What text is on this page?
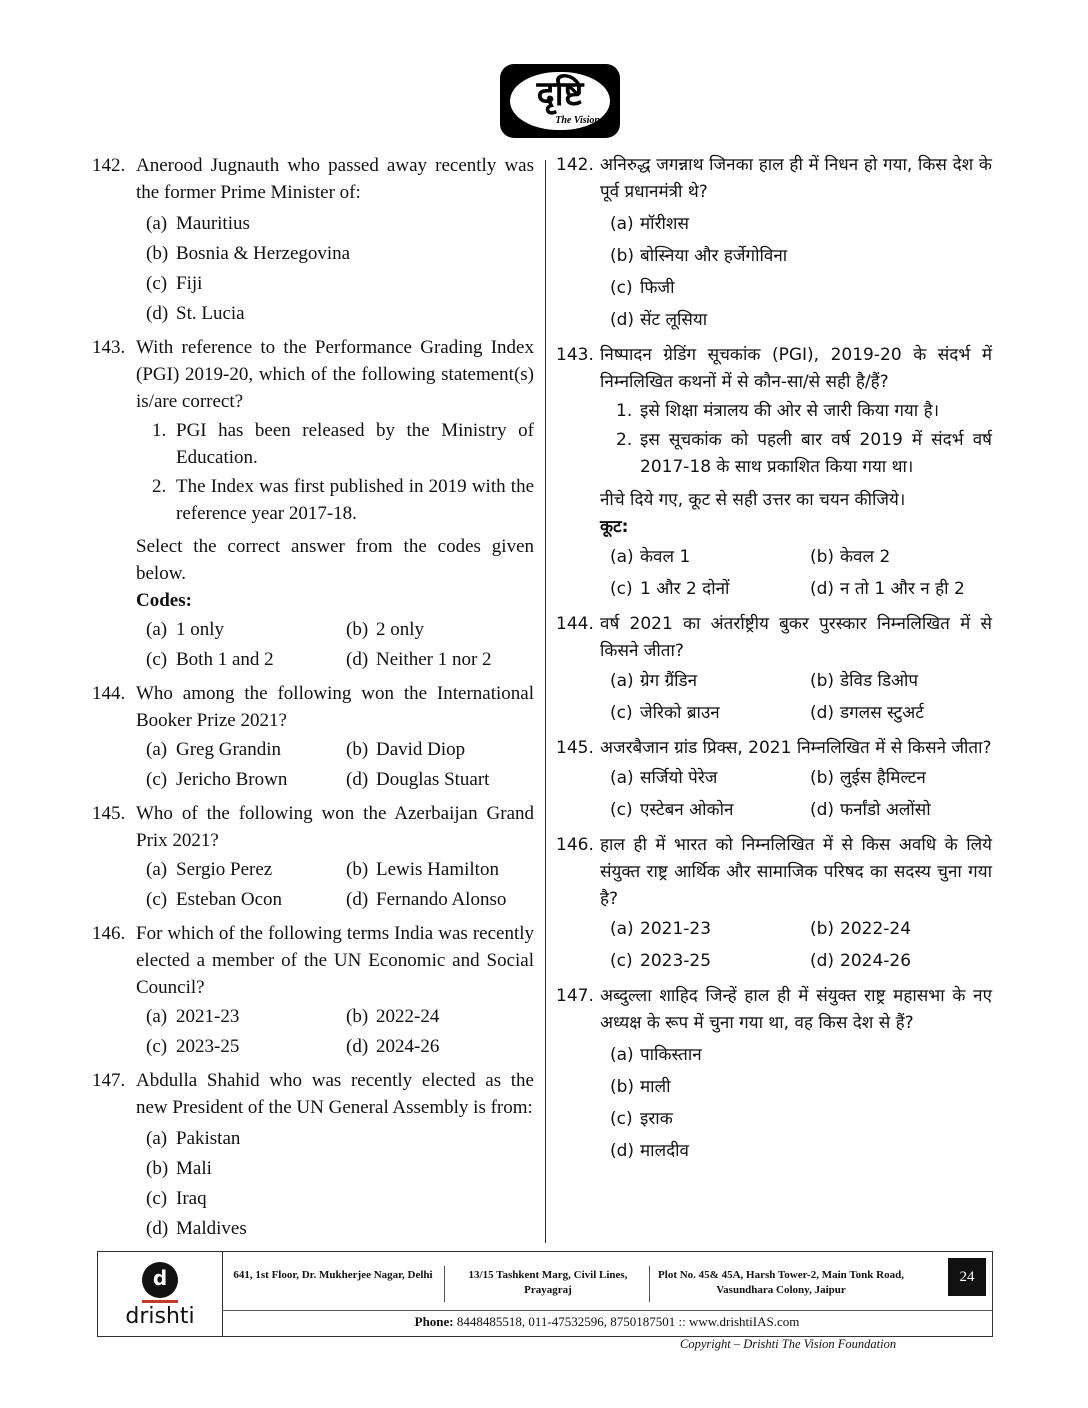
दृष्टि
The Vision
142. Anerood Jugnauth who passed away recently was the former Prime Minister of:
(a) Mauritius
(b) Bosnia & Herzegovina
(c) Fiji
(d) St. Lucia
143. With reference to the Performance Grading Index (PGI) 2019-20, which of the following statement(s) is/are correct?
1. PGI has been released by the Ministry of Education.
2. The Index was first published in 2019 with the reference year 2017-18.
Select the correct answer from the codes given below.
Codes:
(a) 1 only	(b) 2 only
(c) Both 1 and 2	(d) Neither 1 nor 2
144. Who among the following won the International Booker Prize 2021?
(a) Greg Grandin	(b) David Diop
(c) Jericho Brown	(d) Douglas Stuart
145. Who of the following won the Azerbaijan Grand Prix 2021?
(a) Sergio Perez	(b) Lewis Hamilton
(c) Esteban Ocon	(d) Fernando Alonso
146. For which of the following terms India was recently elected a member of the UN Economic and Social Council?
(a) 2021-23	(b) 2022-24
(c) 2023-25	(d) 2024-26
147. Abdulla Shahid who was recently elected as the new President of the UN General Assembly is from:
(a) Pakistan
(b) Mali
(c) Iraq
(d) Maldives
142. अनिरुद्ध जगन्नाथ जिनका हाल ही में निधन हो गया, किस देश के पूर्व प्रधानमंत्री थे?
(a) मॉरीशस
(b) बोस्निया और हर्जेगोविना
(c) फिजी
(d) सेंट लूसिया
143. निष्पादन ग्रेडिंग सूचकांक (PGI), 2019-20 के संदर्भ में निम्नलिखित कथनों में से कौन-सा/से सही है/हैं?
1. इसे शिक्षा मंत्रालय की ओर से जारी किया गया है।
2. इस सूचकांक को पहली बार वर्ष 2019 में संदर्भ वर्ष 2017-18 के साथ प्रकाशित किया गया था।
नीचे दिये गए, कूट से सही उत्तर का चयन कीजिये।
कूट:
(a) केवल 1	(b) केवल 2
(c) 1 और 2 दोनों	(d) न तो 1 और न ही 2
144. वर्ष 2021 का अंतर्राष्ट्रीय बुकर पुरस्कार निम्नलिखित में से किसने जीता?
(a) ग्रेग ग्रैंडिन	(b) डेविड डिओप
(c) जेरिको ब्राउन	(d) डगलस स्टुअर्ट
145. अजरबैजान ग्रांड प्रिक्स, 2021 निम्नलिखित में से किसने जीता?
(a) सर्जियो पेरेज	(b) लुईस हैमिल्टन
(c) एस्टेबन ओकोन	(d) फर्नांडो अलोंसो
146. हाल ही में भारत को निम्नलिखित में से किस अवधि के लिये संयुक्त राष्ट्र आर्थिक और सामाजिक परिषद का सदस्य चुना गया है?
(a) 2021-23	(b) 2022-24
(c) 2023-25	(d) 2024-26
147. अब्दुल्ला शाहिद जिन्हें हाल ही में संयुक्त राष्ट्र महासभा के नए अध्यक्ष के रूप में चुना गया था, वह किस देश से हैं?
(a) पाकिस्तान
(b) माली
(c) इराक
(d) मालदीव
d
drishti
641, 1st Floor, Dr. Mukherjee Nagar, Delhi	13/15 Tashkent Marg, Civil Lines, Prayagraj
Plot No. 45& 45A, Harsh Tower-2, Main Tonk Road, Vasundhara Colony, Jaipur
24
Phone: 8448485518, 011-47532596, 8750187501 :: www.drishtiIAS.com
Copyright – Drishti The Vision Foundation
